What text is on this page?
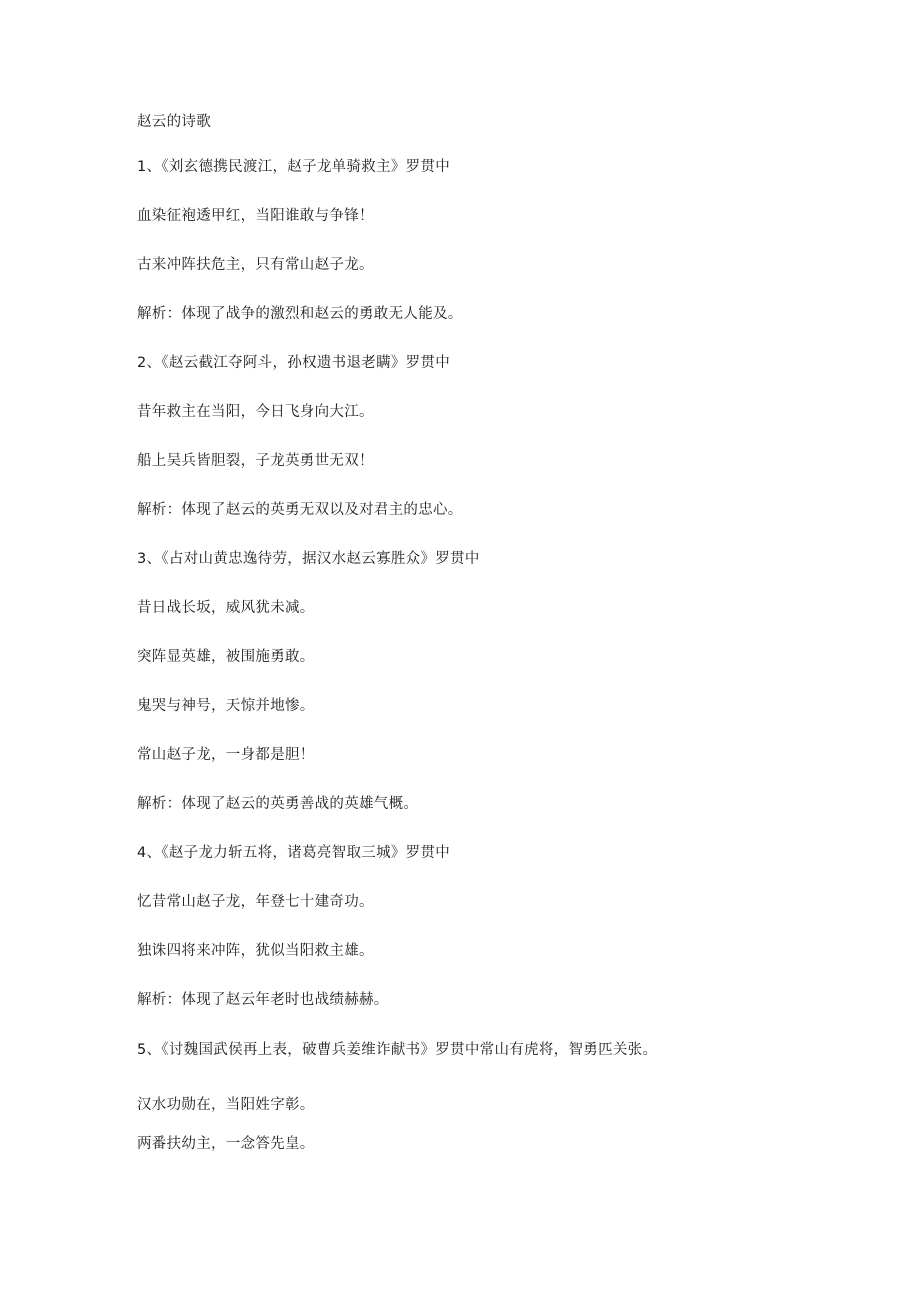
赵云的诗歌
1、《刘玄德携民渡江，赵子龙单骑救主》罗贯中
血染征袍透甲红，当阳谁敢与争锋！
古来冲阵扶危主，只有常山赵子龙。
解析：体现了战争的激烈和赵云的勇敢无人能及。
2、《赵云截江夺阿斗，孙权遗书退老瞒》罗贯中
昔年救主在当阳，今日飞身向大江。
船上吴兵皆胆裂，子龙英勇世无双！
解析：体现了赵云的英勇无双以及对君主的忠心。
3、《占对山黄忠逸待劳，据汉水赵云寡胜众》罗贯中
昔日战长坂，威风犹未减。
突阵显英雄，被围施勇敢。
鬼哭与神号，天惊并地惨。
常山赵子龙，一身都是胆！
解析：体现了赵云的英勇善战的英雄气概。
4、《赵子龙力斩五将，诸葛亮智取三城》罗贯中
忆昔常山赵子龙，年登七十建奇功。
独诛四将来冲阵，犹似当阳救主雄。
解析：体现了赵云年老时也战绩赫赫。
5、《讨魏国武侯再上表，破曹兵姜维诈献书》罗贯中常山有虎将，智勇匹关张。
汉水功勋在，当阳姓字彰。
两番扶幼主，一念答先皇。
